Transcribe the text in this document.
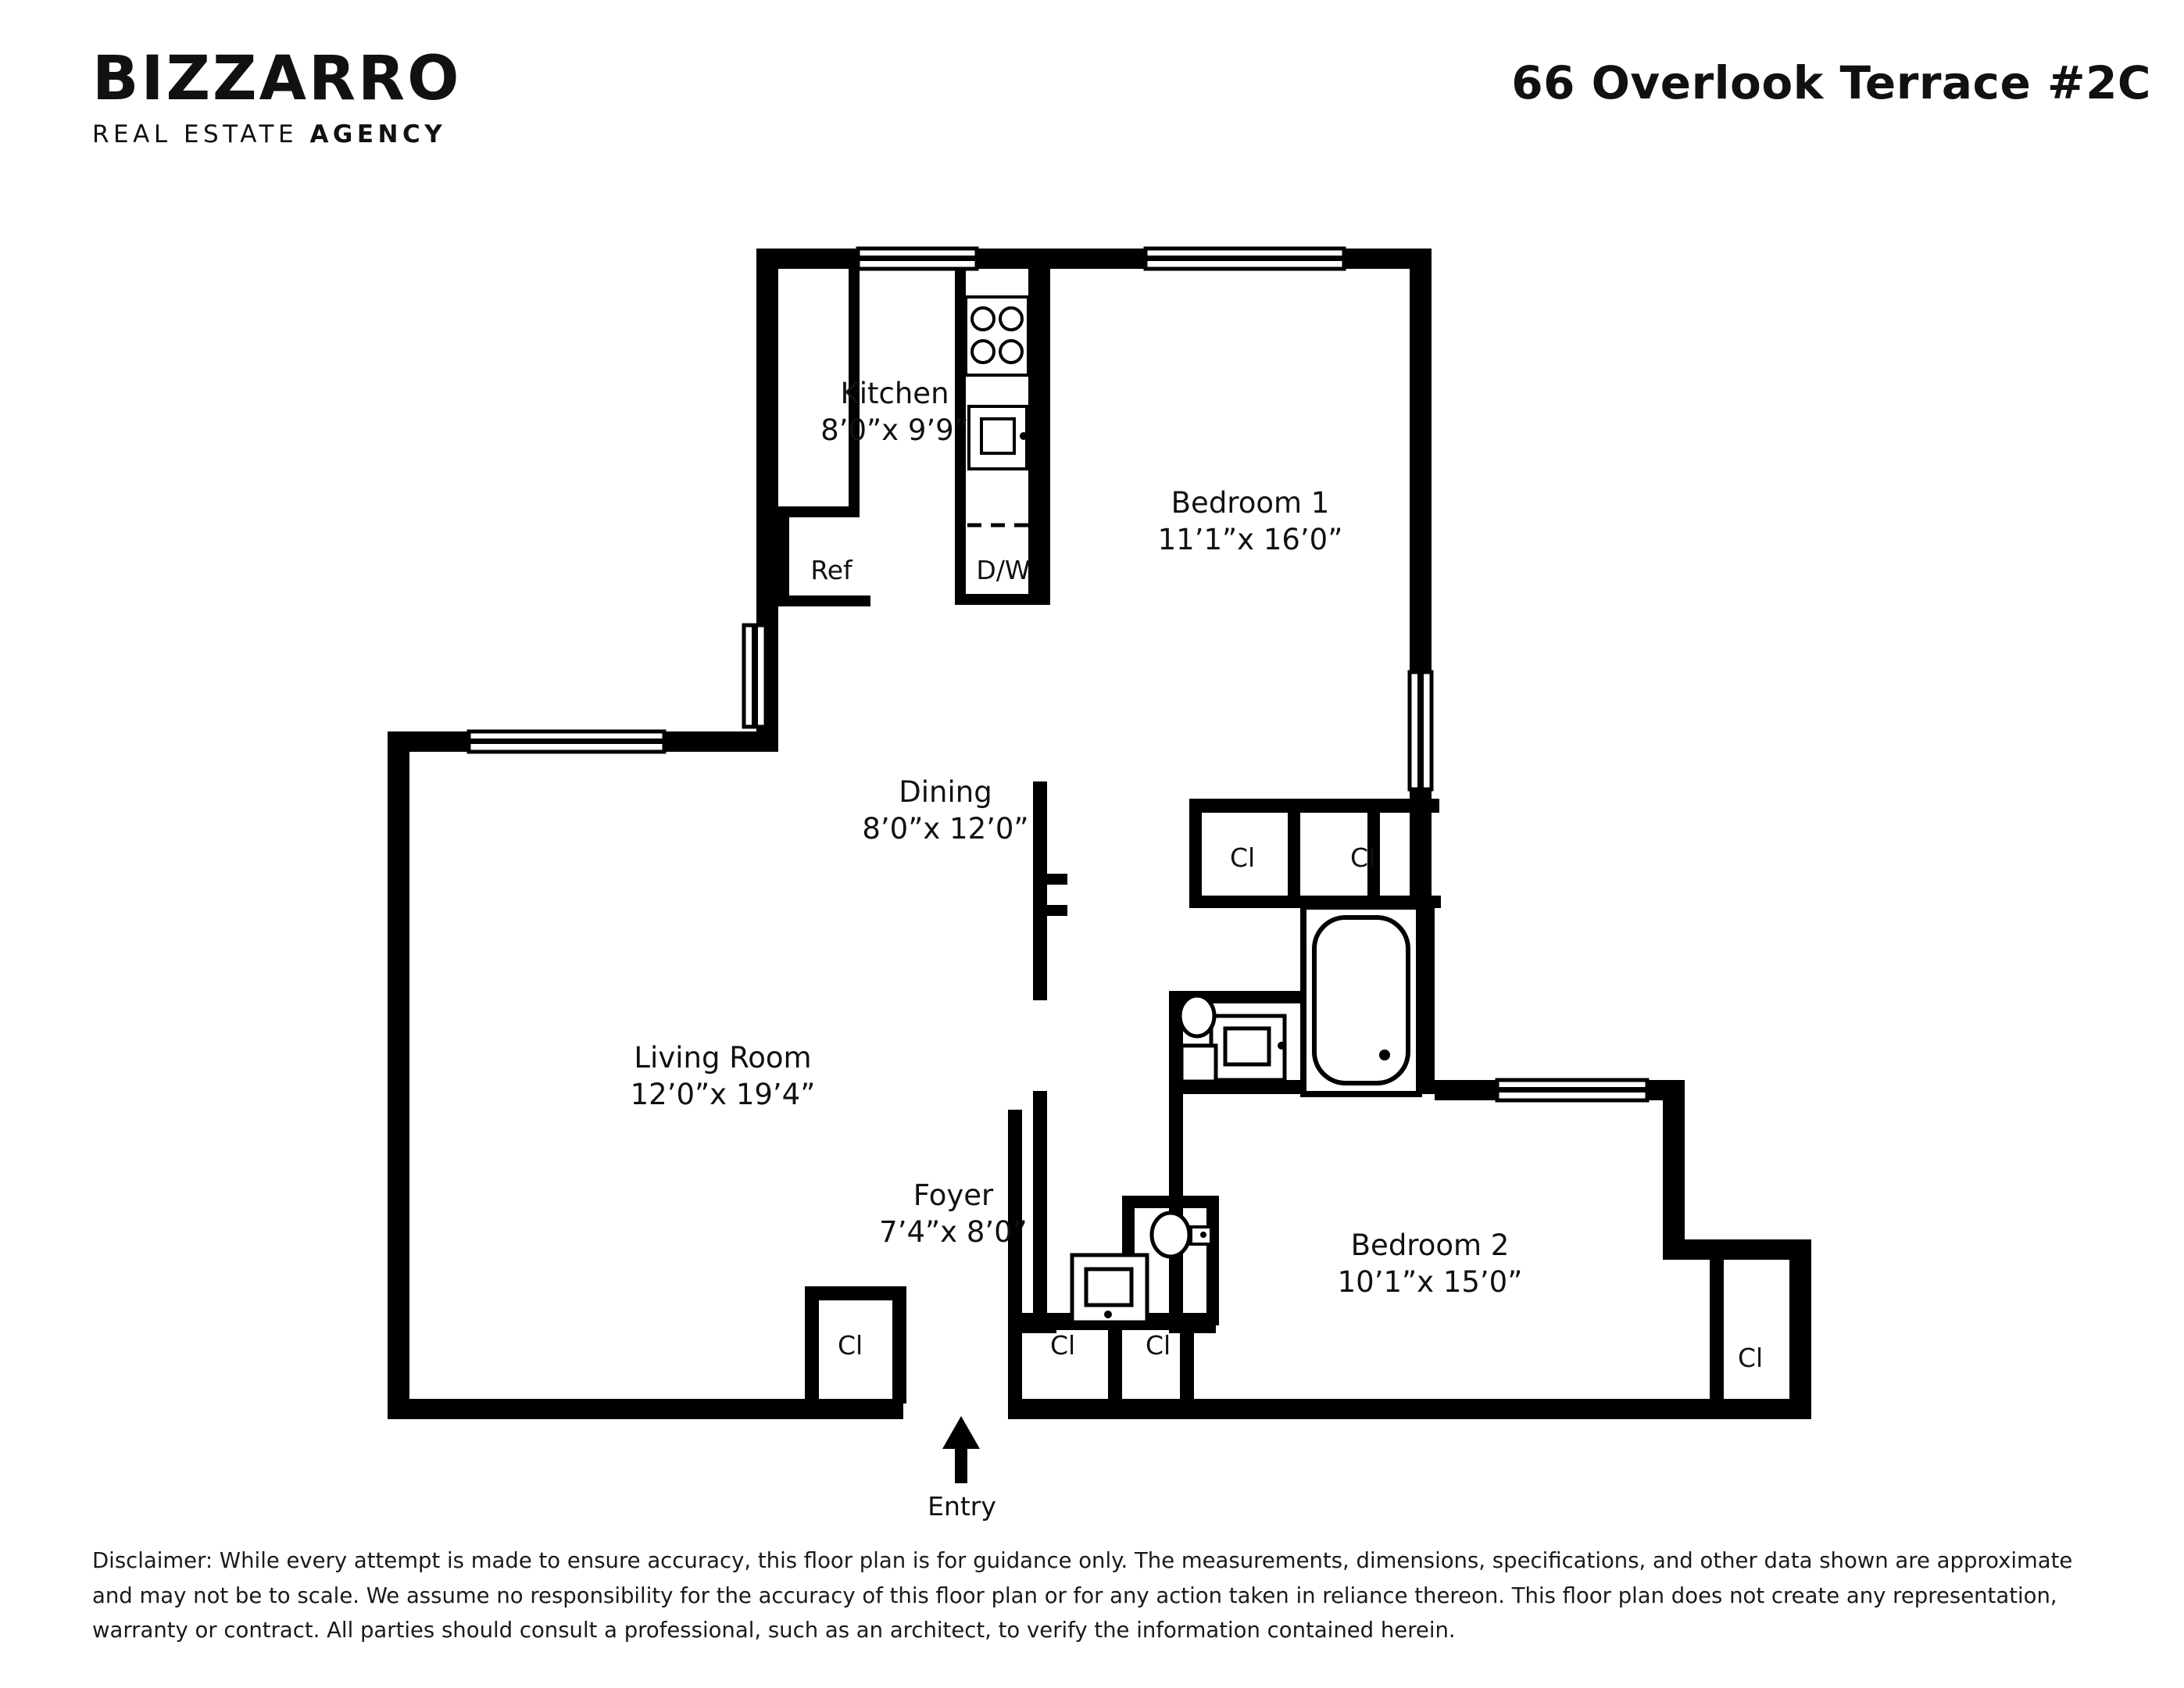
BIZZARRO
REAL ESTATE AGENCY
66 Overlook Terrace #2C
Kitchen
8’0”x 9’9”
Bedroom 1
11’1”x 16’0”
Dining
8’0”x 12’0”
Living Room
12’0”x 19’4”
Foyer
7’4”x 8’0”	Bedroom 2
10’1”x 15’0”
Ref	D/W
Cl	Cl
Cl	Cl	Cl	Cl
Entry
Disclaimer: While every attempt is made to ensure accuracy, this floor plan is for guidance only. The measurements, dimensions, specifications, and other data shown are approximate and may not be to scale. We assume no responsibility for the accuracy of this floor plan or for any action taken in reliance thereon. This floor plan does not create any representation, warranty or contract. All parties should consult a professional, such as an architect, to verify the information contained herein.
